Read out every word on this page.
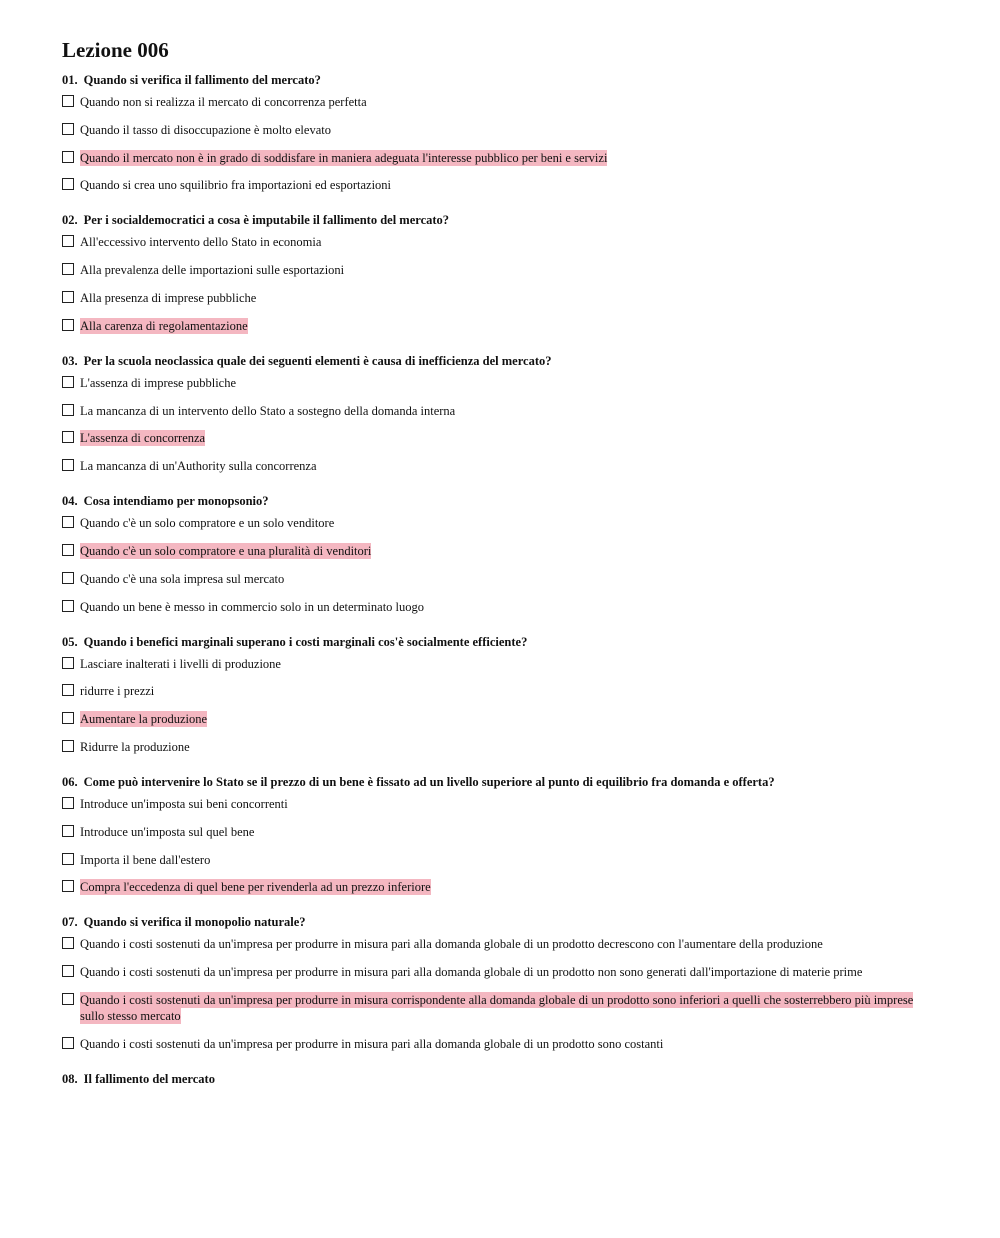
Lezione 006
01. Quando si verifica il fallimento del mercato?
Quando non si realizza il mercato di concorrenza perfetta
Quando il tasso di disoccupazione è molto elevato
Quando il mercato non è in grado di soddisfare in maniera adeguata l'interesse pubblico per beni e servizi
Quando si crea uno squilibrio fra importazioni ed esportazioni
02. Per i socialdemocratici a cosa è imputabile il fallimento del mercato?
All'eccessivo intervento dello Stato in economia
Alla prevalenza delle importazioni sulle esportazioni
Alla presenza di imprese pubbliche
Alla carenza di regolamentazione
03. Per la scuola neoclassica quale dei seguenti elementi è causa di inefficienza del mercato?
L'assenza di imprese pubbliche
La mancanza di un intervento dello Stato a sostegno della domanda interna
L'assenza di concorrenza
La mancanza di un'Authority sulla concorrenza
04. Cosa intendiamo per monopsonio?
Quando c'è un solo compratore e un solo venditore
Quando c'è un solo compratore e una pluralità di venditori
Quando c'è una sola impresa sul mercato
Quando un bene è messo in commercio solo in un determinato luogo
05. Quando i benefici marginali superano i costi marginali cos'è socialmente efficiente?
Lasciare inalterati i livelli di produzione
ridurre i prezzi
Aumentare la produzione
Ridurre la produzione
06. Come può intervenire lo Stato se il prezzo di un bene è fissato ad un livello superiore al punto di equilibrio fra domanda e offerta?
Introduce un'imposta sui beni concorrenti
Introduce un'imposta sul quel bene
Importa il bene dall'estero
Compra l'eccedenza di quel bene per rivenderla ad un prezzo inferiore
07. Quando si verifica il monopolio naturale?
Quando i costi sostenuti da un'impresa per produrre in misura pari alla domanda globale di un prodotto decrescono con l'aumentare della produzione
Quando i costi sostenuti da un'impresa per produrre in misura pari alla domanda globale di un prodotto non sono generati dall'importazione di materie prime
Quando i costi sostenuti da un'impresa per produrre in misura corrispondente alla domanda globale di un prodotto sono inferiori a quelli che sosterrebbero più imprese sullo stesso mercato
Quando i costi sostenuti da un'impresa per produrre in misura pari alla domanda globale di un prodotto sono costanti
08. Il fallimento del mercato
